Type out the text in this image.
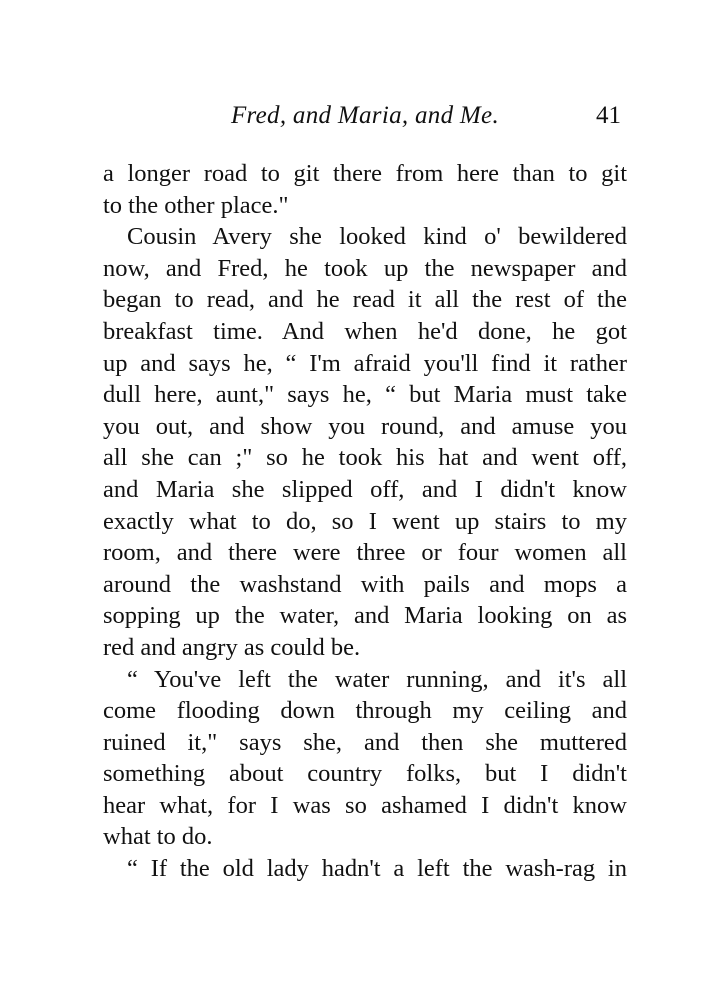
Fred, and Maria, and Me.	41
a longer road to git there from here than to git
to the other place."
Cousin Avery she looked kind o' bewildered
now, and Fred, he took up the newspaper and
began to read, and he read it all the rest of the
breakfast time. And when he'd done, he got
up and says he, “ I'm afraid you'll find it rather
dull here, aunt," says he, “ but Maria must take
you out, and show you round, and amuse you
all she can ;" so he took his hat and went off,
and Maria she slipped off, and I didn't know
exactly what to do, so I went up stairs to my
room, and there were three or four women all
around the washstand with pails and mops a
sopping up the water, and Maria looking on as
red and angry as could be.
“ You've left the water running, and it's all
come flooding down through my ceiling and
ruined it," says she, and then she muttered
something about country folks, but I didn't
hear what, for I was so ashamed I didn't know
what to do.
“ If the old lady hadn't a left the wash-rag in
